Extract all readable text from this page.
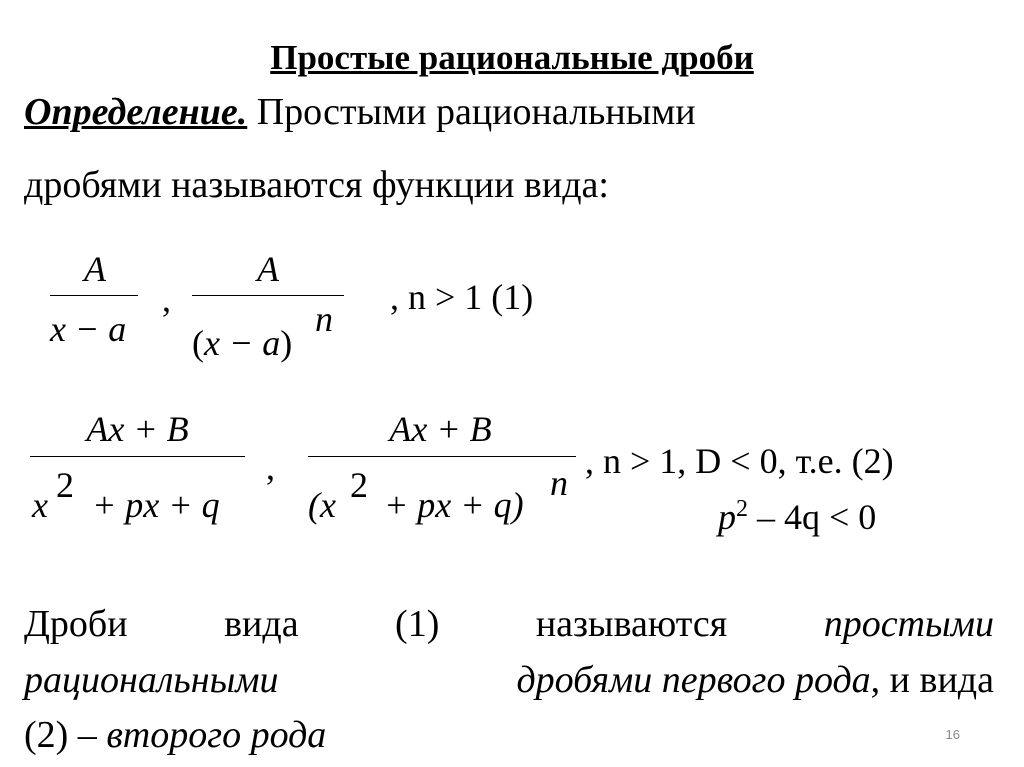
Простые рациональные дроби
Определение. Простыми рациональными
дробями называются функции вида:
A
x − a
,
A
(x − a)
n
, n > 1 (1)
Ax + B
x 2 + px + q
,
Ax + B
(x 2 + px + q)
n
, n > 1, D < 0, т.е. (2)
$p^2 - 4q < 0$
Дроби	вида	(1)	называются	простыми
рациональными	дробями первого рода, и вида
(2) – второго рода	16
